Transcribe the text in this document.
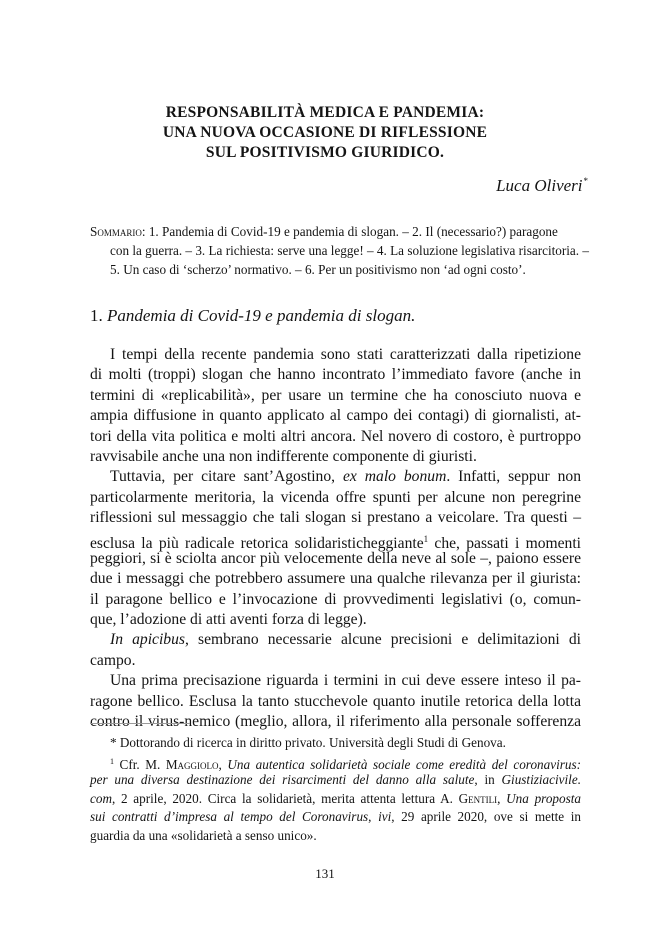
RESPONSABILITÀ MEDICA E PANDEMIA:
UNA NUOVA OCCASIONE DI RIFLESSIONE
SUL POSITIVISMO GIURIDICO.
Luca Oliveri*
Sommario: 1. Pandemia di Covid-19 e pandemia di slogan. – 2. Il (necessario?) paragone
con la guerra. – 3. La richiesta: serve una legge! – 4. La soluzione legislativa risarcitoria. –
5. Un caso di ‘scherzo’ normativo. – 6. Per un positivismo non ‘ad ogni costo’.
1. Pandemia di Covid-19 e pandemia di slogan.
I tempi della recente pandemia sono stati caratterizzati dalla ripetizione
di molti (troppi) slogan che hanno incontrato l’immediato favore (anche in
termini di «replicabilità», per usare un termine che ha conosciuto nuova e
ampia diffusione in quanto applicato al campo dei contagi) di giornalisti, at-
tori della vita politica e molti altri ancora. Nel novero di costoro, è purtroppo
ravvisabile anche una non indifferente componente di giuristi.
Tuttavia, per citare sant’Agostino, ex malo bonum. Infatti, seppur non
particolarmente meritoria, la vicenda offre spunti per alcune non peregrine
riflessioni sul messaggio che tali slogan si prestano a veicolare. Tra questi –
esclusa la più radicale retorica solidaristicheggiante$^1$ che, passati i momenti
peggiori, si è sciolta ancor più velocemente della neve al sole –, paiono essere
due i messaggi che potrebbero assumere una qualche rilevanza per il giurista:
il paragone bellico e l’invocazione di provvedimenti legislativi (o, comun-
que, l’adozione di atti aventi forza di legge).
In apicibus, sembrano necessarie alcune precisioni e delimitazioni di
campo.
Una prima precisazione riguarda i termini in cui deve essere inteso il pa-
ragone bellico. Esclusa la tanto stucchevole quanto inutile retorica della lotta
contro il virus-nemico (meglio, allora, il riferimento alla personale sofferenza
* Dottorando di ricerca in diritto privato. Università degli Studi di Genova.
$^1$ Cfr. M. Maggiolo, Una autentica solidarietà sociale come eredità del coronavirus:
per una diversa destinazione dei risarcimenti del danno alla salute, in Giustiziacivile.
com, 2 aprile, 2020. Circa la solidarietà, merita attenta lettura A. Gentili, Una proposta
sui contratti d’impresa al tempo del Coronavirus, ivi, 29 aprile 2020, ove si mette in
guardia da una «solidarietà a senso unico».
131
